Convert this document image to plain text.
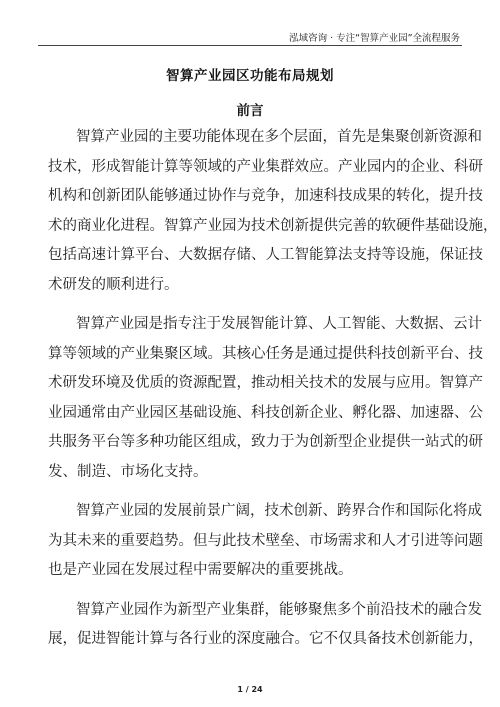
泓域咨询 · 专注“智算产业园”全流程服务
智算产业园区功能布局规划
前言
智算产业园的主要功能体现在多个层面，首先是集聚创新资源和
技术，形成智能计算等领域的产业集群效应。产业园内的企业、科研
机构和创新团队能够通过协作与竞争，加速科技成果的转化，提升技
术的商业化进程。智算产业园为技术创新提供完善的软硬件基础设施，
包括高速计算平台、大数据存储、人工智能算法支持等设施，保证技
术研发的顺利进行。
智算产业园是指专注于发展智能计算、人工智能、大数据、云计
算等领域的产业集聚区域。其核心任务是通过提供科技创新平台、技
术研发环境及优质的资源配置，推动相关技术的发展与应用。智算产
业园通常由产业园区基础设施、科技创新企业、孵化器、加速器、公
共服务平台等多种功能区组成，致力于为创新型企业提供一站式的研
发、制造、市场化支持。
智算产业园的发展前景广阔，技术创新、跨界合作和国际化将成
为其未来的重要趋势。但与此技术壁垒、市场需求和人才引进等问题
也是产业园在发展过程中需要解决的重要挑战。
智算产业园作为新型产业集群，能够聚焦多个前沿技术的融合发
展，促进智能计算与各行业的深度融合。它不仅具备技术创新能力，
1 / 24
